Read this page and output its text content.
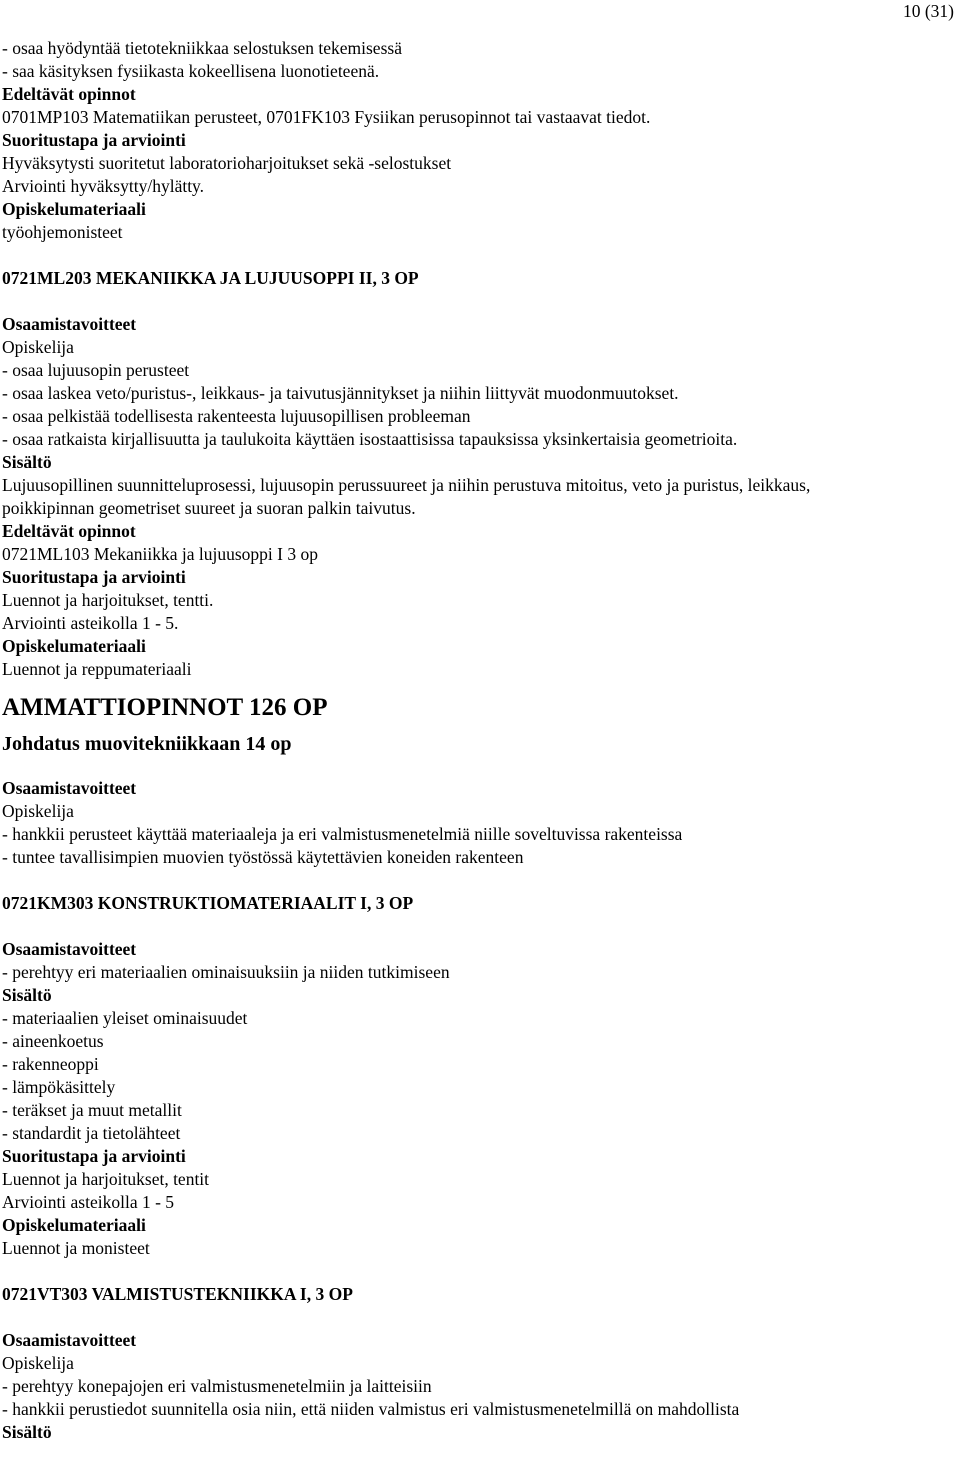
10 (31)
- osaa hyödyntää tietotekniikkaa selostuksen tekemisessä
- saa käsityksen fysiikasta kokeellisena luonotieteenä.
Edeltävät opinnot
0701MP103 Matematiikan perusteet, 0701FK103 Fysiikan perusopinnot tai vastaavat tiedot.
Suoritustapa ja arviointi
Hyväksytysti suoritetut laboratorioharjoitukset sekä -selostukset
Arviointi hyväksytty/hylätty.
Opiskelumateriaali
työohjemonisteet
0721ML203 MEKANIIKKA JA LUJUUSOPPI II, 3 OP
Osaamistavoitteet
Opiskelija
- osaa lujuusopin perusteet
- osaa laskea veto/puristus-, leikkaus- ja taivutusjännitykset ja niihin liittyvät muodonmuutokset.
- osaa pelkistää todellisesta rakenteesta lujuusopillisen probleeman
- osaa ratkaista kirjallisuutta ja taulukoita käyttäen isostaattisissa tapauksissa yksinkertaisia geometrioita.
Sisältö
Lujuusopillinen suunnitteluprosessi, lujuusopin perussuureet ja niihin perustuva mitoitus, veto ja puristus, leikkaus,
poikkipinnan geometriset suureet ja suoran palkin taivutus.
Edeltävät opinnot
0721ML103 Mekaniikka ja lujuusoppi I 3 op
Suoritustapa ja arviointi
Luennot ja harjoitukset, tentti.
Arviointi asteikolla 1 - 5.
Opiskelumateriaali
Luennot ja reppumateriaali
AMMATTIOPINNOT 126 OP
Johdatus muovitekniikkaan 14 op
Osaamistavoitteet
Opiskelija
- hankkii perusteet käyttää materiaaleja ja eri valmistusmenetelmiä niille soveltuvissa rakenteissa
- tuntee tavallisimpien muovien työstössä käytettävien koneiden rakenteen
0721KM303 KONSTRUKTIOMATERIAALIT I, 3 OP
Osaamistavoitteet
- perehtyy eri materiaalien ominaisuuksiin ja niiden tutkimiseen
Sisältö
- materiaalien yleiset ominaisuudet
- aineenkoetus
- rakenneoppi
- lämpökäsittely
- teräkset ja muut metallit
- standardit ja tietolähteet
Suoritustapa ja arviointi
Luennot ja harjoitukset, tentit
Arviointi asteikolla 1 - 5
Opiskelumateriaali
Luennot ja monisteet
0721VT303 VALMISTUSTEKNIIKKA I, 3 OP
Osaamistavoitteet
Opiskelija
- perehtyy konepajojen eri valmistusmenetelmiin ja laitteisiin
- hankkii perustiedot suunnitella osia niin, että niiden valmistus eri valmistusmenetelmillä on mahdollista
Sisältö
